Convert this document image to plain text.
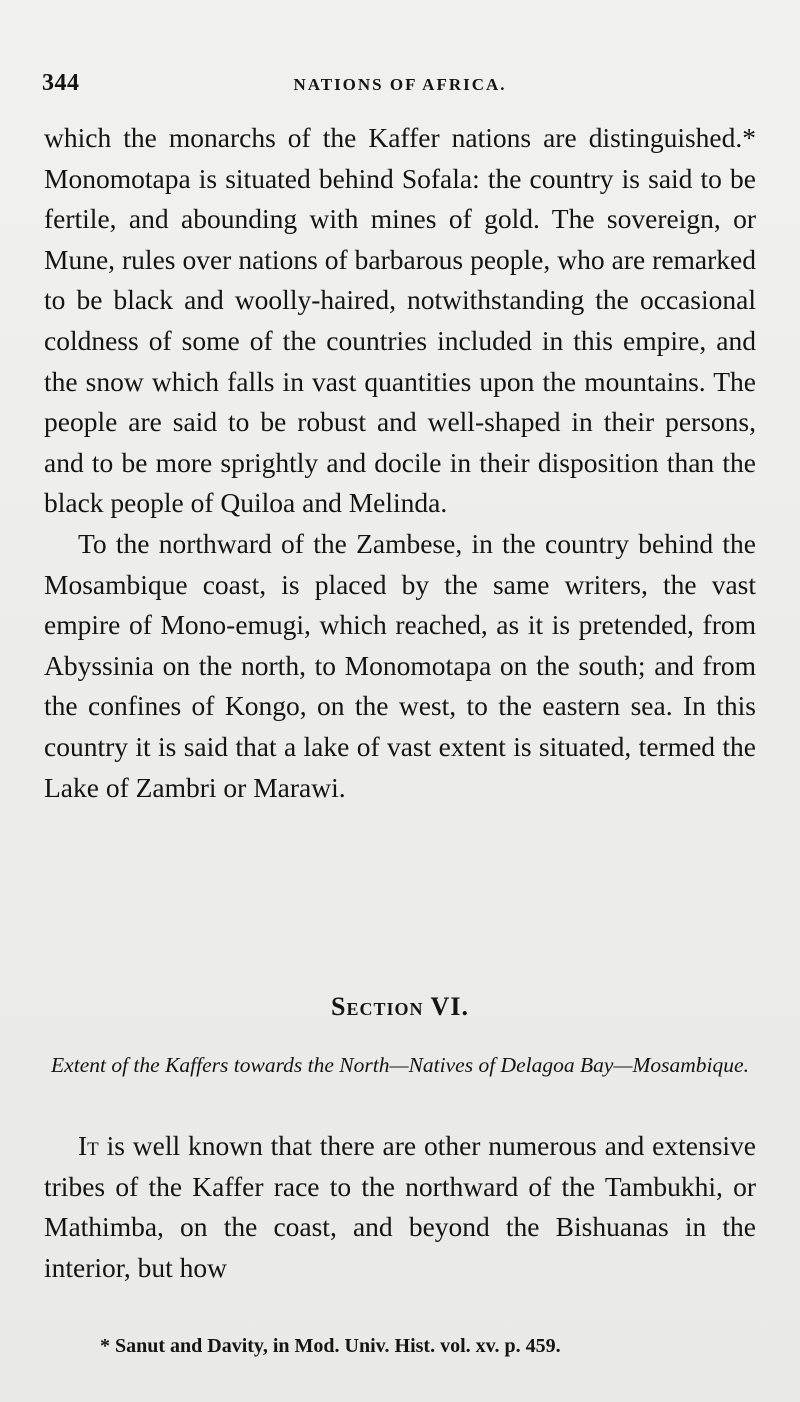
344	NATIONS OF AFRICA.

which the monarchs of the Kaffer nations are distinguished.* Monomotapa is situated behind Sofala: the country is said to be fertile, and abounding with mines of gold. The sovereign, or Mune, rules over nations of barbarous people, who are remarked to be black and woolly-haired, notwithstanding the occasional coldness of some of the countries included in this empire, and the snow which falls in vast quantities upon the mountains. The people are said to be robust and well-shaped in their persons, and to be more sprightly and docile in their disposition than the black people of Quiloa and Melinda.

To the northward of the Zambese, in the country behind the Mosambique coast, is placed by the same writers, the vast empire of Mono-emugi, which reached, as it is pretended, from Abyssinia on the north, to Monomotapa on the south; and from the confines of Kongo, on the west, to the eastern sea. In this country it is said that a lake of vast extent is situated, termed the Lake of Zambri or Marawi.

Section VI.
Extent of the Kaffers towards the North—Natives of Delagoa Bay—Mosambique.

It is well known that there are other numerous and extensive tribes of the Kaffer race to the northward of the Tambukhi, or Mathimba, on the coast, and beyond the Bishuanas in the interior, but how

* Sanut and Davity, in Mod. Univ. Hist. vol. xv. p. 459.
